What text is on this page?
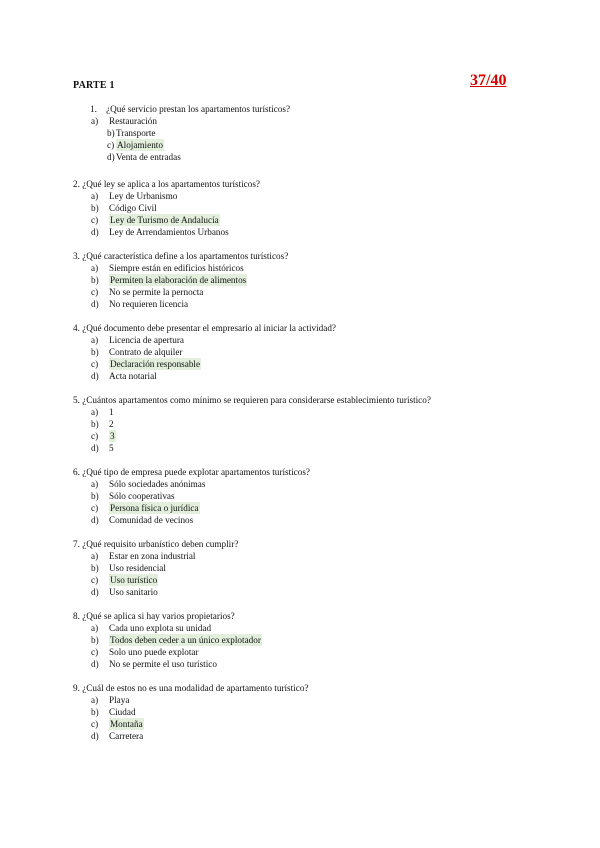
PARTE 1	37/40
1. ¿Qué servicio prestan los apartamentos turísticos?
a) Restauración
b) Transporte
c) Alojamiento
d) Venta de entradas
2. ¿Qué ley se aplica a los apartamentos turísticos?
a) Ley de Urbanismo
b) Código Civil
c) Ley de Turismo de Andalucía
d) Ley de Arrendamientos Urbanos
3. ¿Qué característica define a los apartamentos turísticos?
a) Siempre están en edificios históricos
b) Permiten la elaboración de alimentos
c) No se permite la pernocta
d) No requieren licencia
4. ¿Qué documento debe presentar el empresario al iniciar la actividad?
a) Licencia de apertura
b) Contrato de alquiler
c) Declaración responsable
d) Acta notarial
5. ¿Cuántos apartamentos como mínimo se requieren para considerarse establecimiento turístico?
a) 1
b) 2
c) 3
d) 5
6. ¿Qué tipo de empresa puede explotar apartamentos turísticos?
a) Sólo sociedades anónimas
b) Sólo cooperativas
c) Persona física o jurídica
d) Comunidad de vecinos
7. ¿Qué requisito urbanístico deben cumplir?
a) Estar en zona industrial
b) Uso residencial
c) Uso turístico
d) Uso sanitario
8. ¿Qué se aplica si hay varios propietarios?
a) Cada uno explota su unidad
b) Todos deben ceder a un único explotador
c) Solo uno puede explotar
d) No se permite el uso turístico
9. ¿Cuál de estos no es una modalidad de apartamento turístico?
a) Playa
b) Ciudad
c) Montaña
d) Carretera
